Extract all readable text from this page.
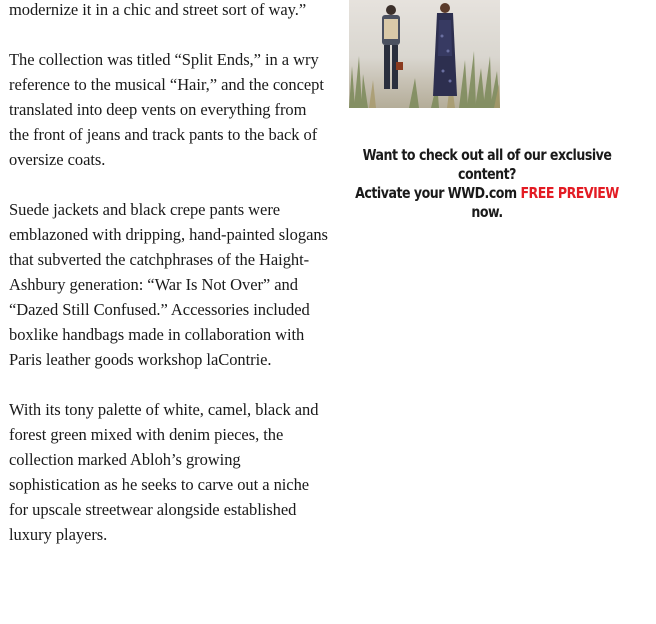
modernize it in a chic and street sort of way.”

The collection was titled “Split Ends,” in a wry reference to the musical “Hair,” and the concept translated into deep vents on everything from the front of jeans and track pants to the back of oversize coats.

Suede jackets and black crepe pants were emblazoned with dripping, hand-painted slogans that subverted the catchphrases of the Haight-Ashbury generation: “War Is Not Over” and “Dazed Still Confused.” Accessories included boxlike handbags made in collaboration with Paris leather goods workshop laContrie.

With its tony palette of white, camel, black and forest green mixed with denim pieces, the collection marked Abloh’s growing sophistication as he seeks to carve out a niche for upscale streetwear alongside established luxury players.

Want to check out all of our exclusive content?
Activate your WWD.com FREE PREVIEW now.
